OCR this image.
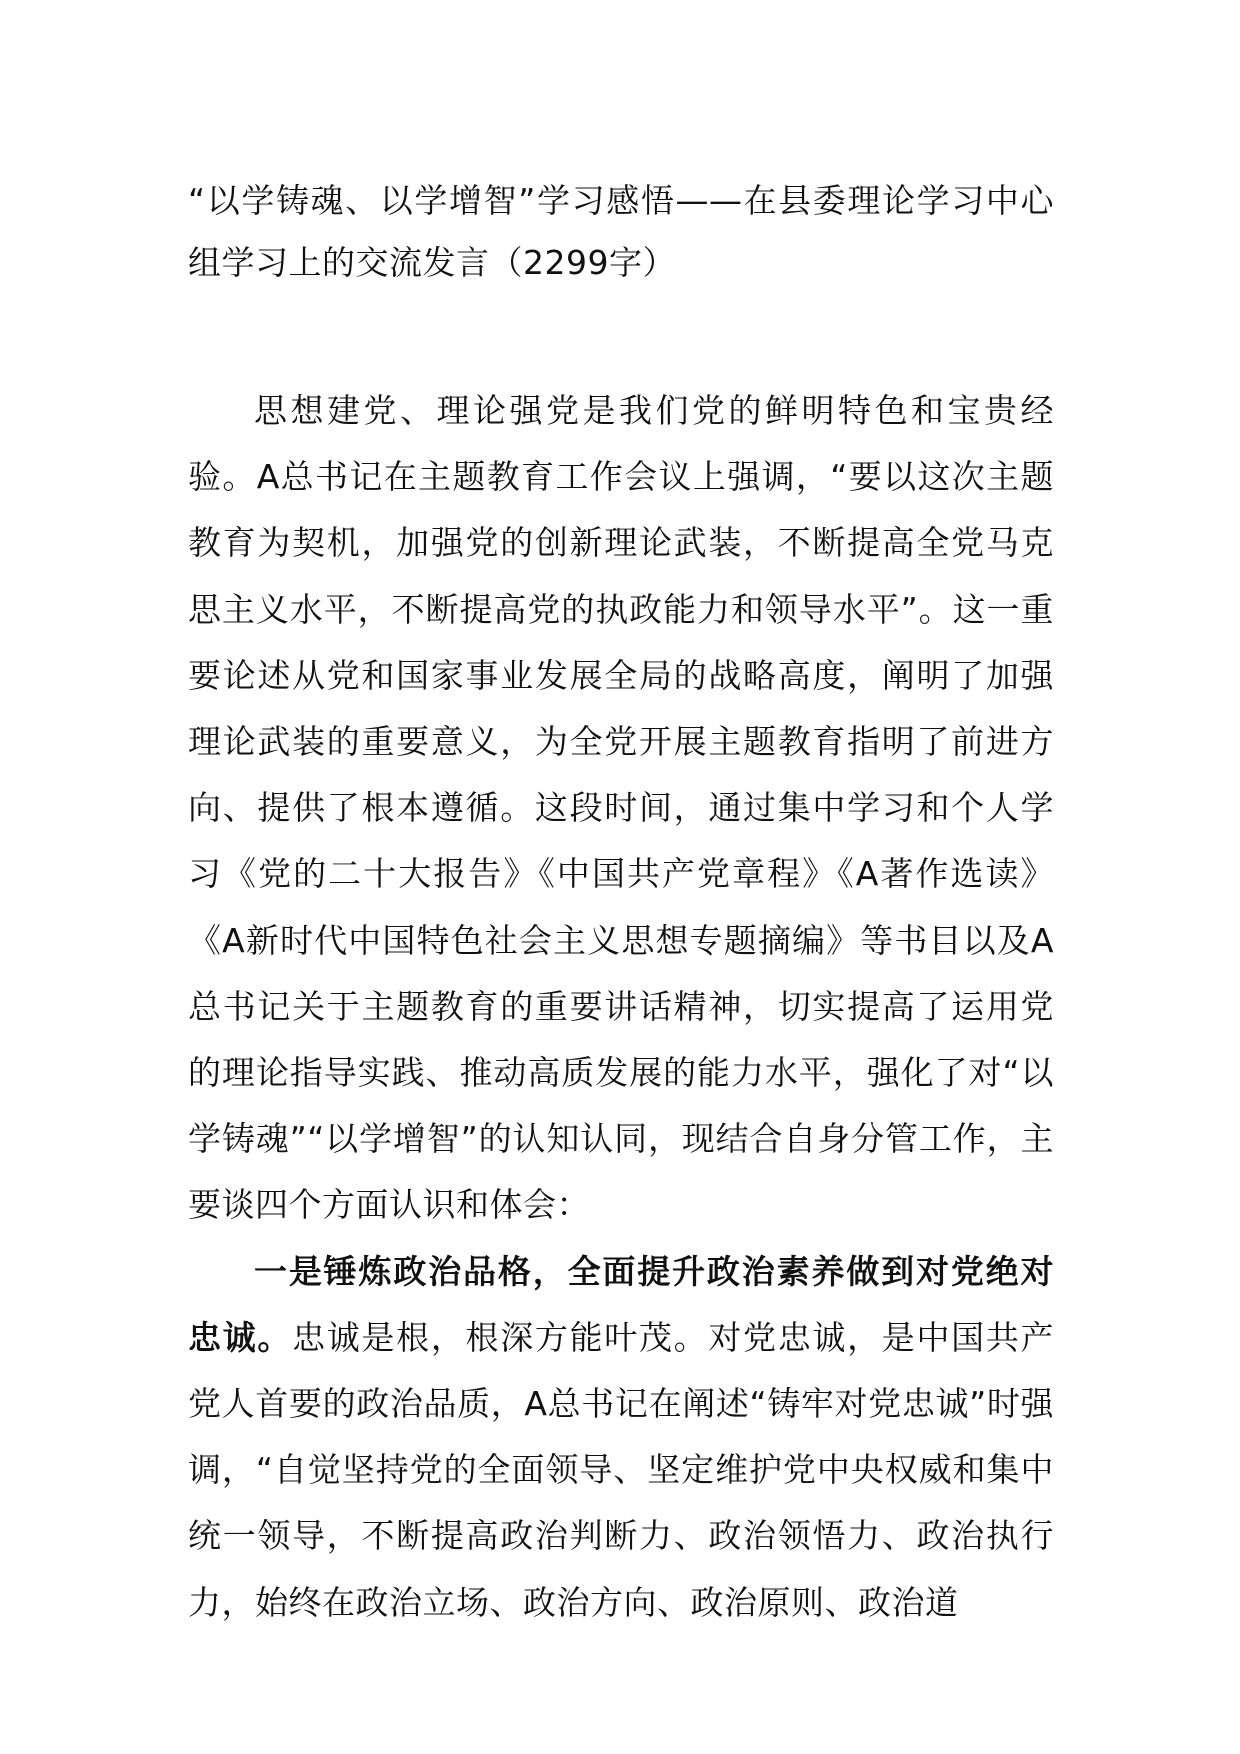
“以学铸魂、以学增智”学习感悟——在县委理论学习中心组学习上的交流发言（2299字）

思想建党、理论强党是我们党的鲜明特色和宝贵经验。A总书记在主题教育工作会议上强调，“要以这次主题教育为契机，加强党的创新理论武装，不断提高全党马克思主义水平，不断提高党的执政能力和领导水平”。这一重要论述从党和国家事业发展全局的战略高度，阐明了加强理论武装的重要意义，为全党开展主题教育指明了前进方向、提供了根本遵循。这段时间，通过集中学习和个人学习《党的二十大报告》《中国共产党章程》《A著作选读》《A新时代中国特色社会主义思想专题摘编》等书目以及A总书记关于主题教育的重要讲话精神，切实提高了运用党的理论指导实践、推动高质发展的能力水平，强化了对“以学铸魂”“以学增智”的认知认同，现结合自身分管工作，主要谈四个方面认识和体会：

一是锤炼政治品格，全面提升政治素养做到对党绝对忠诚。忠诚是根，根深方能叶茂。对党忠诚，是中国共产党人首要的政治品质，A总书记在阐述“铸牢对党忠诚”时强调，“自觉坚持党的全面领导、坚定维护党中央权威和集中统一领导，不断提高政治判断力、政治领悟力、政治执行力，始终在政治立场、政治方向、政治原则、政治道
